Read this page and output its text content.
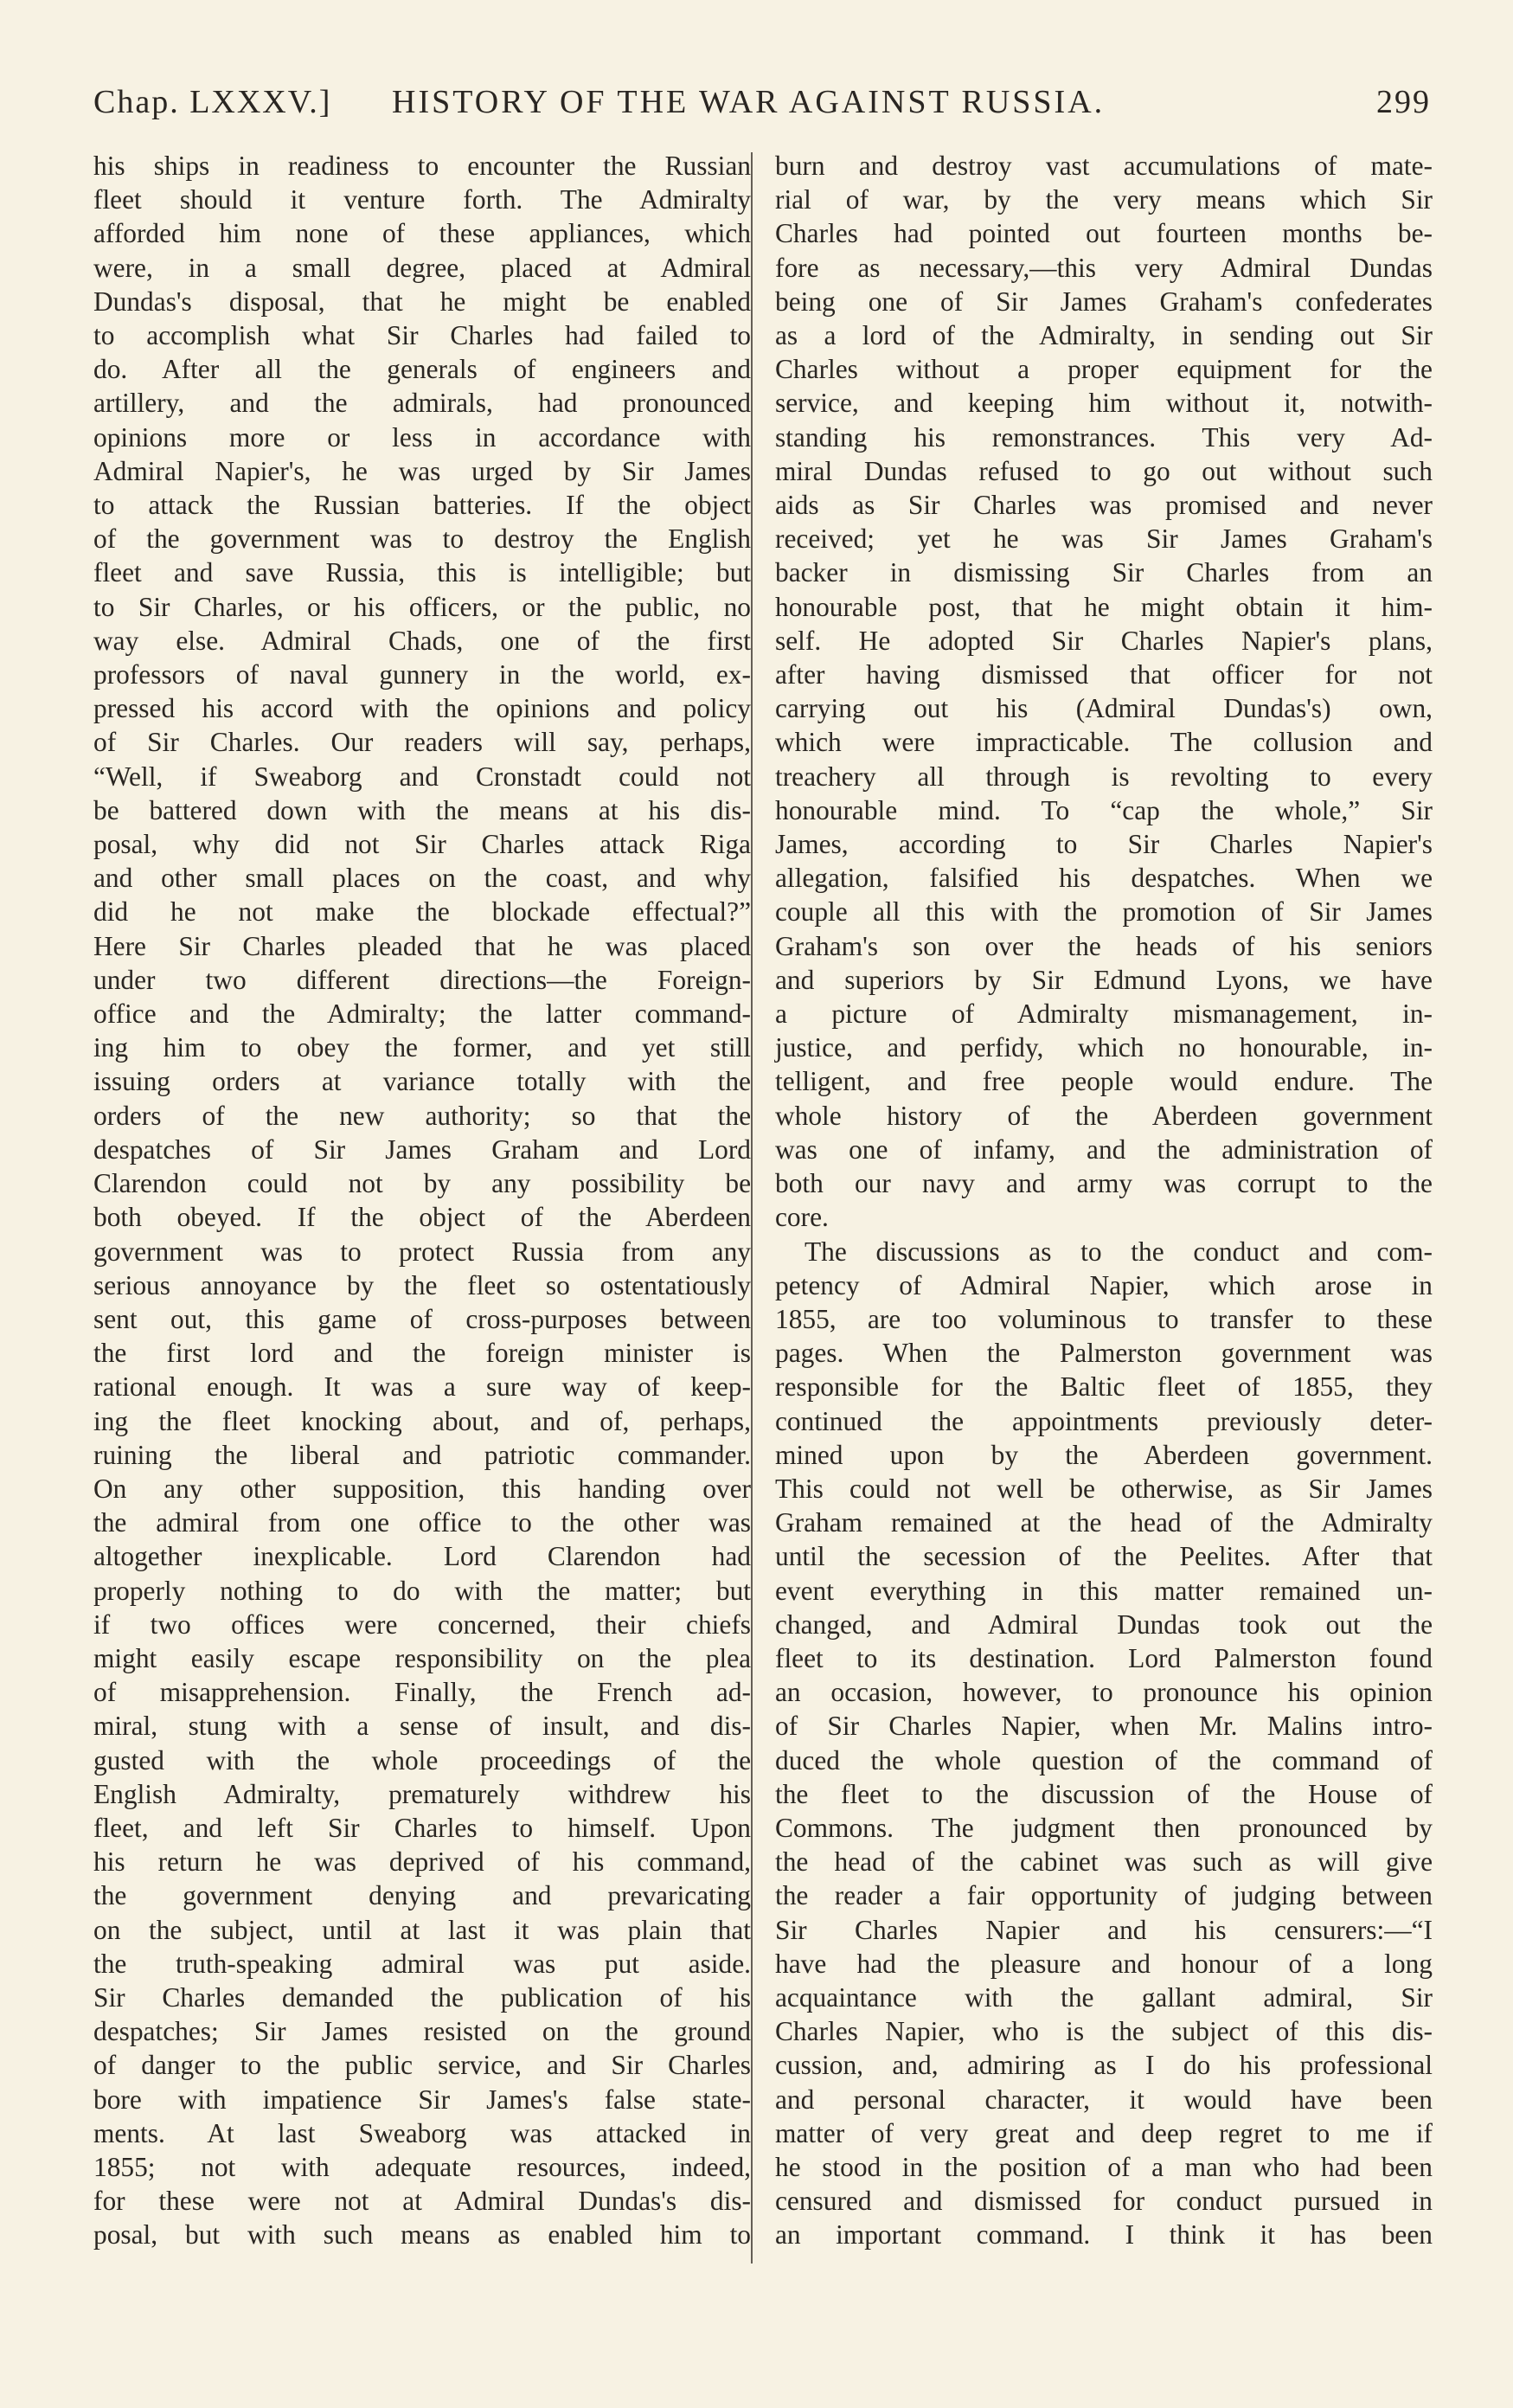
Chap. LXXXV.] HISTORY OF THE WAR AGAINST RUSSIA.	299

his ships in readiness to encounter the Russian

fleet should it venture forth. The Admiralty

afforded him none of these appliances, which

were, in a small degree, placed at Admiral

Dundas's disposal, that he might be enabled

to accomplish what Sir Charles had failed to

do. After all the generals of engineers and

artillery, and the admirals, had pronounced

opinions more or less in accordance with

Admiral Napier's, he was urged by Sir James

to attack the Russian batteries. If the object

of the government was to destroy the English

fleet and save Russia, this is intelligible; but

to Sir Charles, or his officers, or the public, no

way else. Admiral Chads, one of the first

professors of naval gunnery in the world, ex-

pressed his accord with the opinions and policy

of Sir Charles. Our readers will say, perhaps,

“Well, if Sweaborg and Cronstadt could not

be battered down with the means at his dis-

posal, why did not Sir Charles attack Riga

and other small places on the coast, and why

did he not make the blockade effectual?”

Here Sir Charles pleaded that he was placed

under two different directions—the Foreign-

office and the Admiralty; the latter command-

ing him to obey the former, and yet still

issuing orders at variance totally with the

orders of the new authority; so that the

despatches of Sir James Graham and Lord

Clarendon could not by any possibility be

both obeyed. If the object of the Aberdeen

government was to protect Russia from any

serious annoyance by the fleet so ostentatiously

sent out, this game of cross-purposes between

the first lord and the foreign minister is

rational enough. It was a sure way of keep-

ing the fleet knocking about, and of, perhaps,

ruining the liberal and patriotic commander.

On any other supposition, this handing over

the admiral from one office to the other was

altogether inexplicable. Lord Clarendon had

properly nothing to do with the matter; but

if two offices were concerned, their chiefs

might easily escape responsibility on the plea

of misapprehension. Finally, the French ad-

miral, stung with a sense of insult, and dis-

gusted with the whole proceedings of the

English Admiralty, prematurely withdrew his

fleet, and left Sir Charles to himself. Upon

his return he was deprived of his command,

the government denying and prevaricating

on the subject, until at last it was plain that

the truth-speaking admiral was put aside.

Sir Charles demanded the publication of his

despatches; Sir James resisted on the ground

of danger to the public service, and Sir Charles

bore with impatience Sir James's false state-

ments. At last Sweaborg was attacked in

1855; not with adequate resources, indeed,

for these were not at Admiral Dundas's dis-

posal, but with such means as enabled him to

burn and destroy vast accumulations of mate-

rial of war, by the very means which Sir

Charles had pointed out fourteen months be-

fore as necessary,—this very Admiral Dundas

being one of Sir James Graham's confederates

as a lord of the Admiralty, in sending out Sir

Charles without a proper equipment for the

service, and keeping him without it, notwith-

standing his remonstrances. This very Ad-

miral Dundas refused to go out without such

aids as Sir Charles was promised and never

received; yet he was Sir James Graham's

backer in dismissing Sir Charles from an

honourable post, that he might obtain it him-

self. He adopted Sir Charles Napier's plans,

after having dismissed that officer for not

carrying out his (Admiral Dundas's) own,

which were impracticable. The collusion and

treachery all through is revolting to every

honourable mind. To “cap the whole,” Sir

James, according to Sir Charles Napier's

allegation, falsified his despatches. When we

couple all this with the promotion of Sir James

Graham's son over the heads of his seniors

and superiors by Sir Edmund Lyons, we have

a picture of Admiralty mismanagement, in-

justice, and perfidy, which no honourable, in-

telligent, and free people would endure. The

whole history of the Aberdeen government

was one of infamy, and the administration of

both our navy and army was corrupt to the

core.

The discussions as to the conduct and com-

petency of Admiral Napier, which arose in

1855, are too voluminous to transfer to these

pages. When the Palmerston government was

responsible for the Baltic fleet of 1855, they

continued the appointments previously deter-

mined upon by the Aberdeen government.

This could not well be otherwise, as Sir James

Graham remained at the head of the Admiralty

until the secession of the Peelites. After that

event everything in this matter remained un-

changed, and Admiral Dundas took out the

fleet to its destination. Lord Palmerston found

an occasion, however, to pronounce his opinion

of Sir Charles Napier, when Mr. Malins intro-

duced the whole question of the command of

the fleet to the discussion of the House of

Commons. The judgment then pronounced by

the head of the cabinet was such as will give

the reader a fair opportunity of judging between

Sir Charles Napier and his censurers:—“I

have had the pleasure and honour of a long

acquaintance with the gallant admiral, Sir

Charles Napier, who is the subject of this dis-

cussion, and, admiring as I do his professional

and personal character, it would have been

matter of very great and deep regret to me if

he stood in the position of a man who had been

censured and dismissed for conduct pursued in

an important command. I think it has been
